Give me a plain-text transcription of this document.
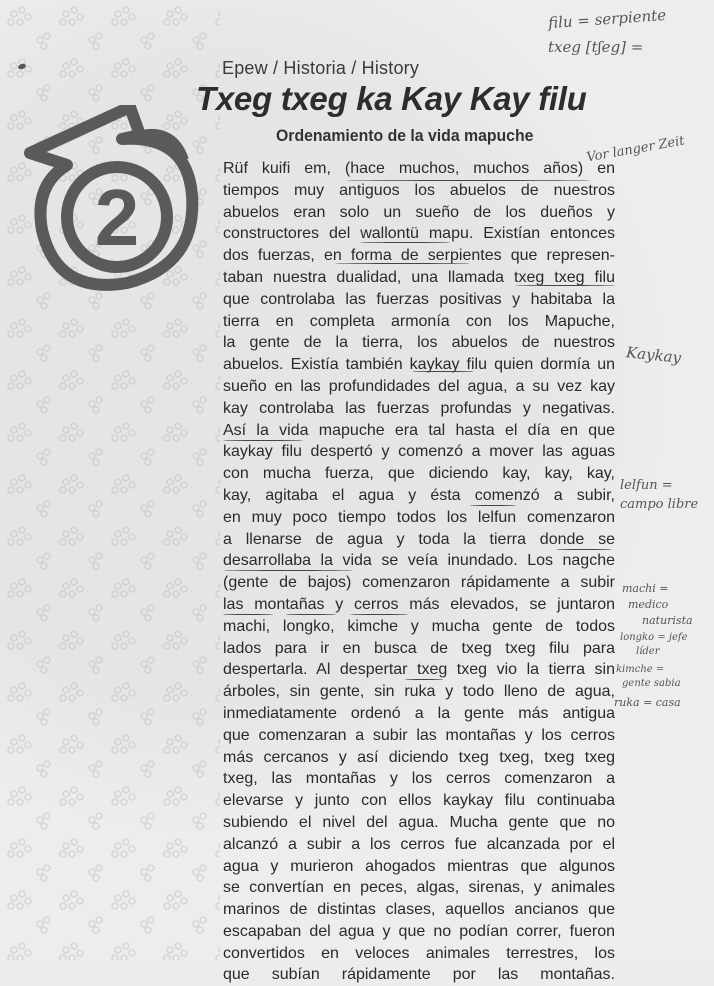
2
Epew / Historia / History
Txeg txeg ka Kay Kay filu
Ordenamiento de la vida mapuche
Rüf kuifi em, (hace muchos, muchos años) en
tiempos muy antiguos los abuelos de nuestros
abuelos eran solo un sueño de los dueños y
constructores del wallontü mapu. Existían entonces
dos fuerzas, en forma de serpientes que represen-
taban nuestra dualidad, una llamada txeg txeg filu
que controlaba las fuerzas positivas y habitaba la
tierra en completa armonía con los Mapuche,
la gente de la tierra, los abuelos de nuestros
abuelos. Existía también kaykay filu quien dormía un
sueño en las profundidades del agua, a su vez kay
kay controlaba las fuerzas profundas y negativas.
Así la vida mapuche era tal hasta el día en que
kaykay filu despertó y comenzó a mover las aguas
con mucha fuerza, que diciendo kay, kay, kay,
kay, agitaba el agua y ésta comenzó a subir,
en muy poco tiempo todos los lelfun comenzaron
a llenarse de agua y toda la tierra donde se
desarrollaba la vida se veía inundado. Los nagche
(gente de bajos) comenzaron rápidamente a subir
las montañas y cerros más elevados, se juntaron
machi, longko, kimche y mucha gente de todos
lados para ir en busca de txeg txeg filu para
despertarla. Al despertar txeg txeg vio la tierra sin
árboles, sin gente, sin ruka y todo lleno de agua,
inmediatamente ordenó a la gente más antigua
que comenzaran a subir las montañas y los cerros
más cercanos y así diciendo txeg txeg, txeg txeg
txeg, las montañas y los cerros comenzaron a
elevarse y junto con ellos kaykay filu continuaba
subiendo el nivel del agua. Mucha gente que no
alcanzó a subir a los cerros fue alcanzada por el
agua y murieron ahogados mientras que algunos
se convertían en peces, algas, sirenas, y animales
marinos de distintas clases, aquellos ancianos que
escapaban del agua y que no podían correr, fueron
convertidos en veloces animales terrestres, los
que subían rápidamente por las montañas.
filu = serpiente
txeg [tʃeg] =
Vor langer Zeit
Kaykay
lelfun =
campo libre
machi =
medico
naturista
longko = jefe
líder
kimche =
gente sabia
ruka = casa
